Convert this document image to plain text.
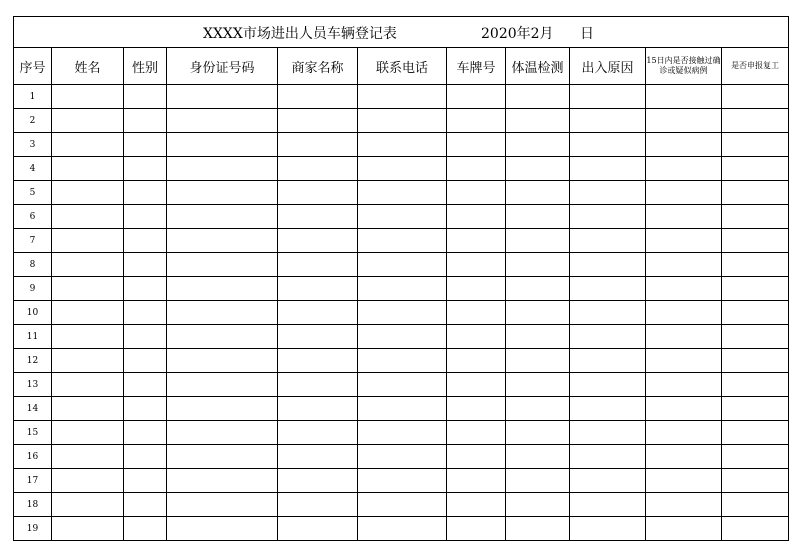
XXXX市场进出人员车辆登记表 2020年2月 日										

序号	姓名	性别	身份证号码	商家名称	联系电话	车牌号	体温检测	出入原因	15日内是否接触过确诊或疑似病例	是否申报复工
1										
2										
3										
4										
5										
6										
7										
8										
9										
10										
11										
12										
13										
14										
15										
16										
17										
18										
19										
